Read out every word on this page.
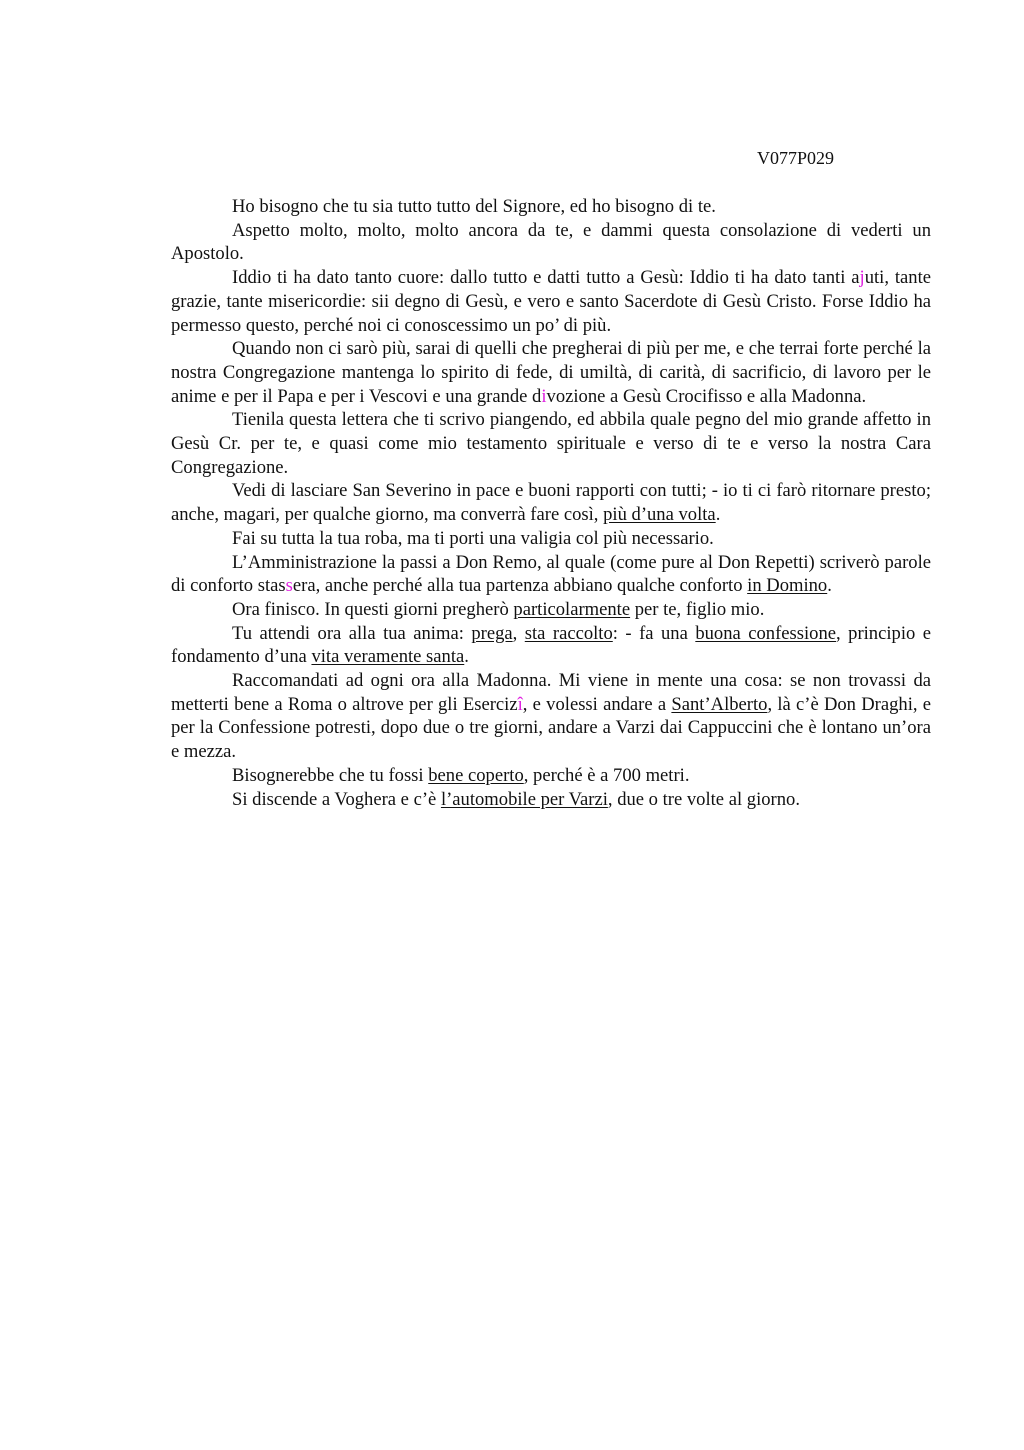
V077P029

Ho bisogno che tu sia tutto tutto del Signore, ed ho bisogno di te.

Aspetto molto, molto, molto ancora da te, e dammi questa consolazione di vederti un Apostolo.

Iddio ti ha dato tanto cuore: dallo tutto e datti tutto a Gesù: Iddio ti ha dato tanti ajuti, tante grazie, tante misericordie: sii degno di Gesù, e vero e santo Sacerdote di Gesù Cristo. Forse Iddio ha permesso questo, perché noi ci conoscessimo un po’ di più.

Quando non ci sarò più, sarai di quelli che pregherai di più per me, e che terrai forte perché la nostra Congregazione mantenga lo spirito di fede, di umiltà, di carità, di sacrificio, di lavoro per le anime e per il Papa e per i Vescovi e una grande divozione a Gesù Crocifisso e alla Madonna.

Tienila questa lettera che ti scrivo piangendo, ed abbila quale pegno del mio grande affetto in Gesù Cr. per te, e quasi come mio testamento spirituale e verso di te e verso la nostra Cara Congregazione.

Vedi di lasciare San Severino in pace e buoni rapporti con tutti; - io ti ci farò ritornare presto; anche, magari, per qualche giorno, ma converrà fare così, più d’una volta.

Fai su tutta la tua roba, ma ti porti una valigia col più necessario.

L’Amministrazione la passi a Don Remo, al quale (come pure al Don Repetti) scriverò parole di conforto stassera, anche perché alla tua partenza abbiano qualche conforto in Domino.

Ora finisco. In questi giorni pregherò particolarmente per te, figlio mio.

Tu attendi ora alla tua anima: prega, sta raccolto: - fa una buona confessione, principio e fondamento d’una vita veramente santa.

Raccomandati ad ogni ora alla Madonna. Mi viene in mente una cosa: se non trovassi da metterti bene a Roma o altrove per gli Esercizî, e volessi andare a Sant’Alberto, là c’è Don Draghi, e per la Confessione potresti, dopo due o tre giorni, andare a Varzi dai Cappuccini che è lontano un’ora e mezza.

Bisognerebbe che tu fossi bene coperto, perché è a 700 metri.

Si discende a Voghera e c’è l’automobile per Varzi, due o tre volte al giorno.
